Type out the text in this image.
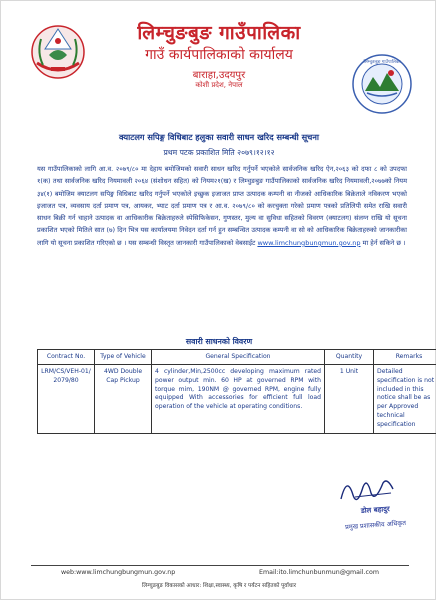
लिम्चुङबुङ गाउँपालिका
गाउँ कार्यपालिकाको कार्यालय
बाराहा,उदयपुर
कोशी प्रदेश, नेपाल
लिम्चुङबुङ गाउँपालिका
क्याटलग सपिङ्ग विधिबाट हलुका सवारी साधन खरिद सम्बन्धी सूचना
प्रथम पटक प्रकाशित मिति २०७९।१२।१२
यस गाउँपालिकाको लागि आ.व. २०७९/८० मा देहाय बमोजिमको सवारी साधन खरिद गर्नुपर्ने भएकोले सार्वजनिक खरिद ऐन,२०६३ को दफा ८ को उपदफा १(क) तथा सार्वजनिक खरिद नियमावली २०६४ (संशोधन सहित) को नियम२१(ख) र लिम्चुङबुङ गाउँपालिकाको सार्वजनिक खरिद नियमावली,२०७७को नियम ३४(१) बमोजिम क्याटलग सपिङ्ग विधिबाट खरिद गर्नुपर्ने भएकोले इच्छुक इजाजत प्राप्त उत्पादक कम्पनी वा नीजको आधिकारिक बिक्रेताले नविकरण भएको इजाजत पत्र, व्यवसाय दर्ता प्रमाण पत्र, आयकर, भ्याट दर्ता प्रमाण पत्र र आ.व. २०७९/८० को करचुक्ता गरेको प्रमाण पत्रको प्रतिलिपी समेत राखि सवारी साधन बिक्री गर्न चाहाने उत्पादक वा आधिकारीक बिक्रेताहरुले स्पेसिफिकेसन, गुणस्तर, मुल्य वा सुविधा सहितको विवरण (क्याटलग) संलग्न राखि यो सूचना प्रकाशित भएको मितिले सात (७) दिन भित्र यस कार्यालयमा निवेदन दर्ता गर्न हुन सम्बन्धित उत्पादक कम्पनी वा सो को आधिकारिक बिक्रेताहरुको जानकारीका लागि यो सूचना प्रकाशित गरिएको छ । यस सम्बन्धी विस्तृत जानकारी गाउँपालिकाको वेबसाईट www.limchungbungmun.gov.np मा हेर्न सकिने छ ।
सवारी साधनको विवरण
Contract No.	Type of Vehicle	General Specification	Quantity	Remarks
LRM/CS/VEH-01/ 2079/80	4WD Double Cap Pickup	4 cylinder,Min,2500cc developing maximum rated power output min. 60 HP at governed RPM with torque mim, 190NM @ governed RPM, engine fully equipped With accessories for efficient full load operation of the vehicle at operating conditions.	1 Unit	Detailed specification is not included in this notice shall be as per Approved technical specification
डोल बहादुर
प्रमुख प्रशासकीय अधिकृत
web:www.limchungbungmun.gov.np	Email:ito.limchunbunmun@gmail.com
लिम्चुङबुङ विकासको आधार: शिक्षा,स्वास्थ्य, कृषि र पर्यटन सहितको पूर्वाधार
